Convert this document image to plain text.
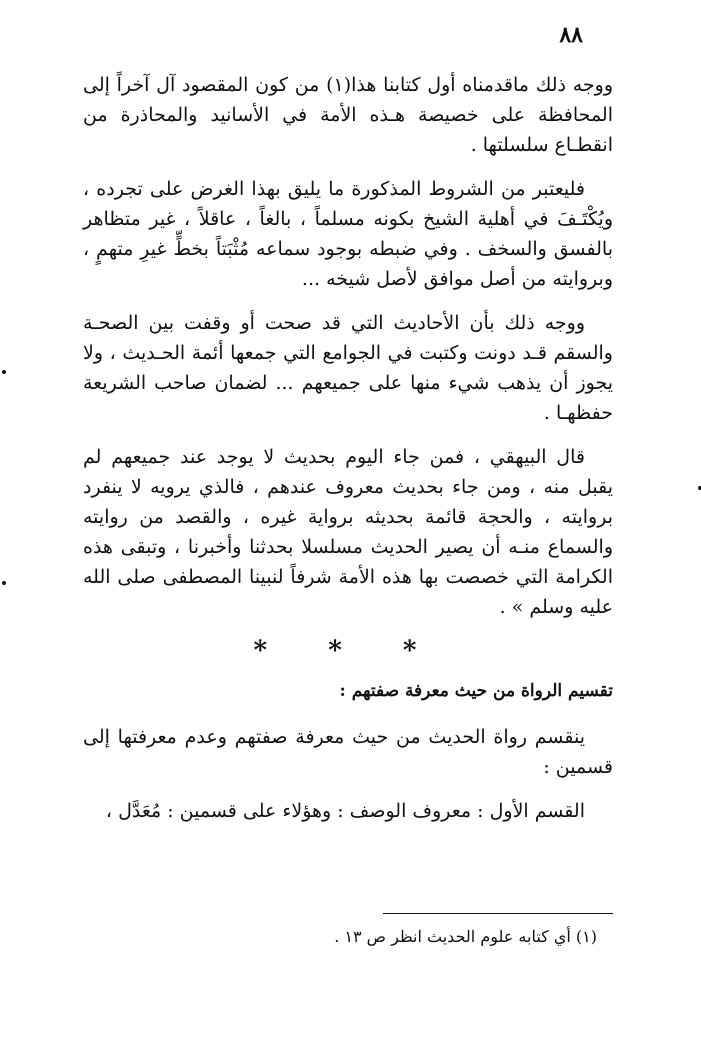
٨٨

ووجه ذلك ماقدمناه أول كتابنا هذا(١) من كون المقصود آل آخراً إلى المحافظة على خصيصة هـذه الأمة في الأسانيد والمحاذرة من انقطـاع سلسلتها .

فليعتبر من الشروط المذكورة ما يليق بهذا الغرض على تجرده ، ويُكْتَـفَ في أهلية الشيخ بكونه مسلماً ، بالغاً ، عاقلاً ، غير متظاهر بالفسق والسخف . وفي ضبطه بوجود سماعه مُثْبَتاً بخطٍّ غيرِ متهمٍ ، وبروايته من أصل موافق لأصل شيخه ...

ووجه ذلك بأن الأحاديث التي قد صحت أو وقفت بين الصحـة والسقم قـد دونت وكتبت في الجوامع التي جمعها أئمة الحـديث ، ولا يجوز أن يذهب شيء منها على جميعهم ... لضمان صاحب الشريعة حفظهـا .

قال البيهقي ، فمن جاء اليوم بحديث لا يوجد عند جميعهم لم يقبل منه ، ومن جاء بحديث معروف عندهم ، فالذي يرويه لا ينفرد بروايته ، والحجة قائمة بحديثه برواية غيره ، والقصد من روايته والسماع منـه أن يصير الحديث مسلسلا بحدثنا وأخبرنا ، وتبقى هذه الكرامة التي خصصت بها هذه الأمة شرفاً لنبينا المصطفى صلى الله عليه وسلم » .

* * *

تقسيم الرواة من حيث معرفة صفتهم :

ينقسم رواة الحديث من حيث معرفة صفتهم وعدم معرفتها إلى قسمين :

القسم الأول : معروف الوصف : وهؤلاء على قسمين : مُعَدَّل ،

(١) أي كتابه علوم الحديث انظر ص ١٣ .
